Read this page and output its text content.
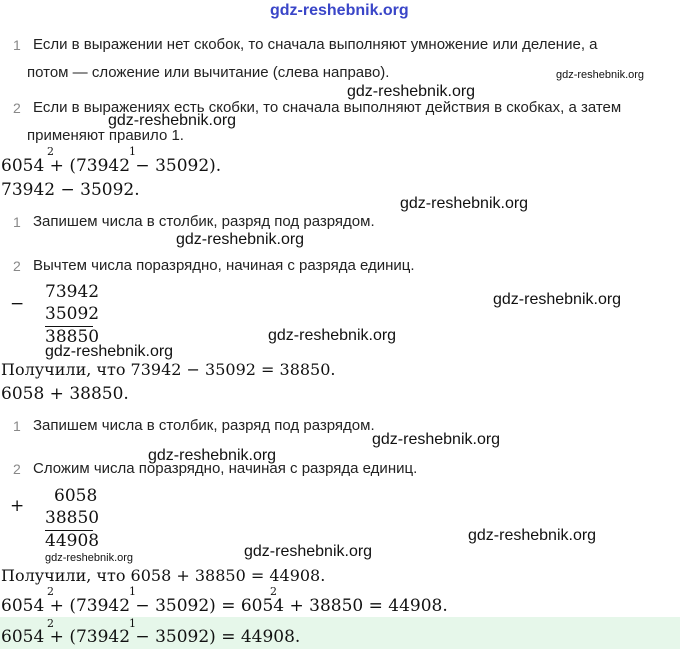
gdz-reshebnik.org
1 Если в выражении нет скобок, то сначала выполняют умножение или деление, а
потом — сложение или вычитание (слева направо).
2 Если в выражениях есть скобки, то сначала выполняют действия в скобках, а затем
применяют правило 1.
2	1
6054 + (73942 − 35092).
73942 − 35092.
1 Запишем числа в столбик, разряд под разрядом.
2 Вычтем числа поразрядно, начиная с разряда единиц.
−
73942
35092
38850
Получили, что 73942 − 35092 = 38850.
6058 + 38850.
1 Запишем числа в столбик, разряд под разрядом.
2 Сложим числа поразрядно, начиная с разряда единиц.
+ 6058
38850
44908
Получили, что 6058 + 38850 = 44908.
2	1	2
6054 + (73942 − 35092) = 6054 + 38850 = 44908.
2	1
6054 + (73942 − 35092) = 44908.
gdz-reshebnik.org
gdz-reshebnik.org
gdz-reshebnik.org
gdz-reshebnik.org
gdz-reshebnik.org
gdz-reshebnik.org
gdz-reshebnik.org
gdz-reshebnik.org
gdz-reshebnik.org
gdz-reshebnik.org
gdz-reshebnik.org
gdz-reshebnik.org
gdz-reshebnik.org
